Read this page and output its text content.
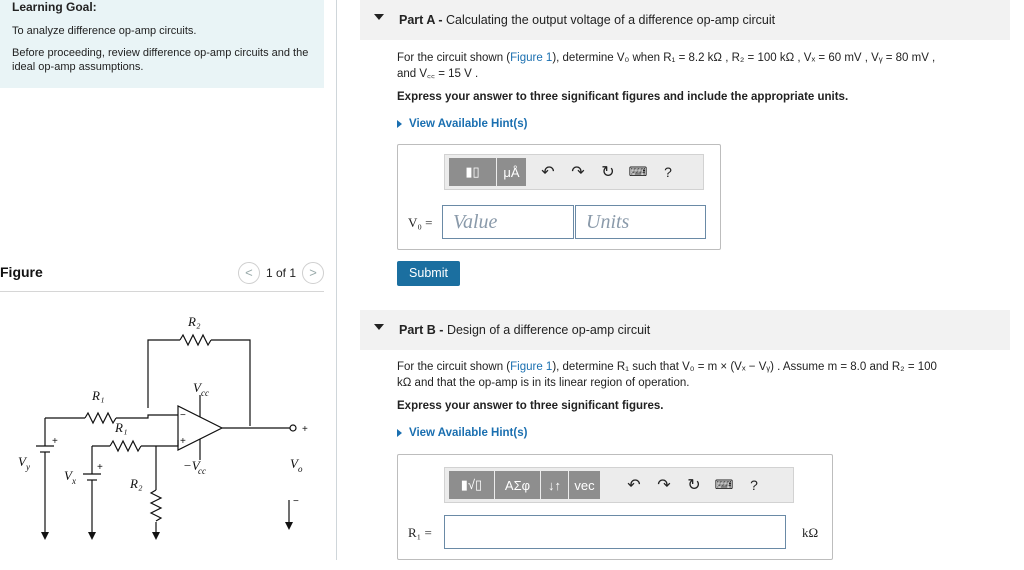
Learning Goal:
To analyze difference op-amp circuits.
Before proceeding, review difference op-amp circuits and the ideal op-amp assumptions.
Figure	<	1 of 1	>
R₂
R₁
R₁
R₂
V cc
−V
cc
V y
V x
V o
−
+
+
+
+
−
Part A - Calculating the output voltage of a difference op-amp circuit
For the circuit shown (Figure 1), determine V₀ when R₁ = 8.2 kΩ , R₂ = 100 kΩ , Vₓ = 60 mV , Vᵧ = 80 mV ,
and V꜀꜀ = 15 V .
Express your answer to three significant figures and include the appropriate units.
View Available Hint(s)
▮▯	μÅ	↶	↷	↻	⌨	?
V₀ =	Value	Units
Submit
Part B - Design of a difference op-amp circuit
For the circuit shown (Figure 1), determine R₁ such that V₀ = m × (Vₓ − Vᵧ) . Assume m = 8.0 and R₂ = 100
kΩ and that the op-amp is in its linear region of operation.
Express your answer to three significant figures.
View Available Hint(s)
▮√▯	ΑΣφ	↓↑	vec	↶	↷	↻	⌨	?
R₁ =	kΩ
